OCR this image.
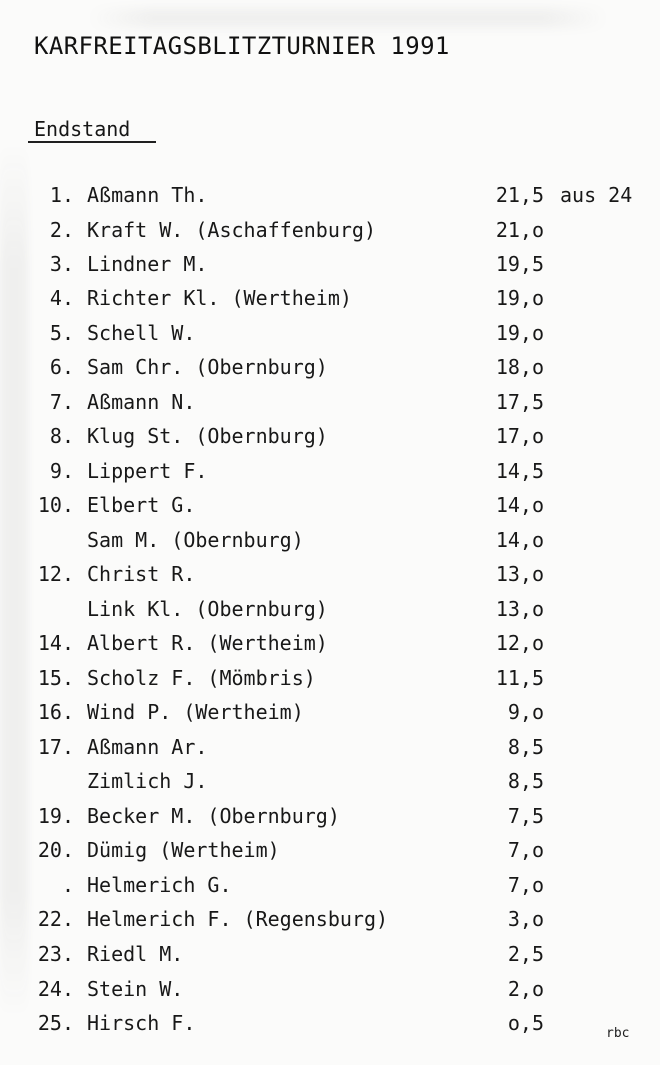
KARFREITAGSBLITZTURNIER 1991
Endstand
1. Aßmann Th.	21,5 aus 24
2. Kraft W. (Aschaffenburg)	21,o
3. Lindner M.	19,5
4. Richter Kl. (Wertheim)	19,o
5. Schell W.	19,o
6. Sam Chr. (Obernburg)	18,o
7. Aßmann N.	17,5
8. Klug St. (Obernburg)	17,o
9. Lippert F.	14,5
10. Elbert G.	14,o
Sam M. (Obernburg)	14,o
12. Christ R.	13,o
Link Kl. (Obernburg)	13,o
14. Albert R. (Wertheim)	12,o
15. Scholz F. (Mömbris)	11,5
16. Wind P. (Wertheim)	9,o
17. Aßmann Ar.	8,5
Zimlich J.	8,5
19. Becker M. (Obernburg)	7,5
20. Dümig (Wertheim)	7,o
. Helmerich G.	7,o
22. Helmerich F. (Regensburg)	3,o
23. Riedl M.	2,5
24. Stein W.	2,o
25. Hirsch F.	o,5	rbc
